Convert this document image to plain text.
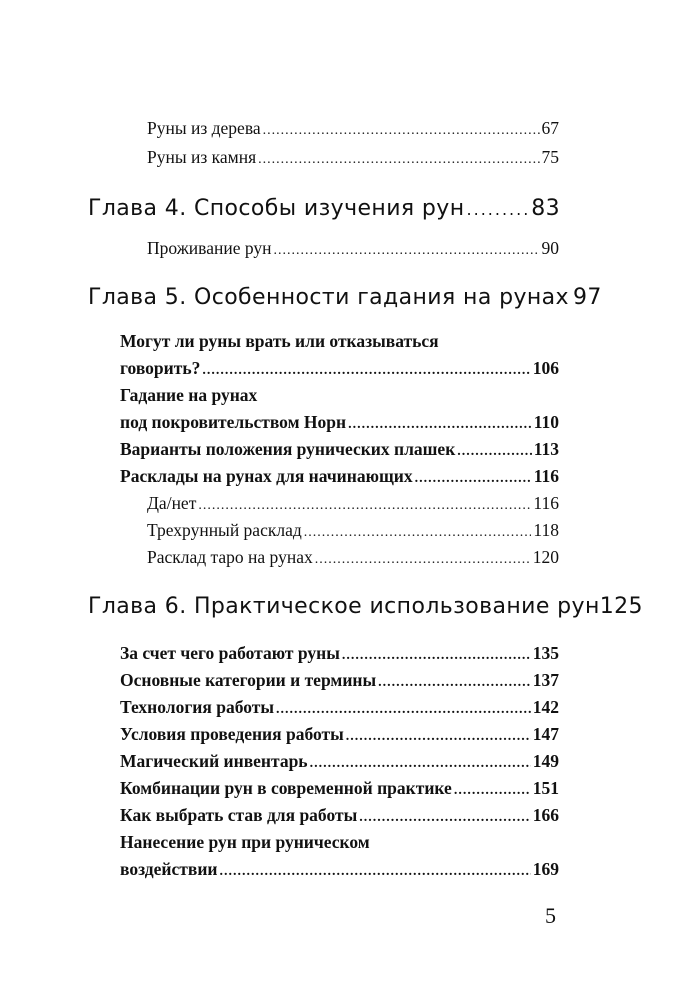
Руны из дерева .....	67
Руны из камня .....	75
Глава 4. Способы изучения рун .....	83
Проживание рун .....	90
Глава 5. Особенности гадания на рунах 97
Могут ли руны врать или отказываться
говорить? .....	106
Гадание на рунах
под покровительством Норн .....	110
Варианты положения рунических плашек .....	113
Расклады на рунах для начинающих .....	116
Да/нет .....	116
Трехрунный расклад .....	118
Расклад таро на рунах .....	120
Глава 6. Практическое использование рун 125
За счет чего работают руны .....	135
Основные категории и термины .....	137
Технология работы .....	142
Условия проведения работы .....	147
Магический инвентарь .....	149
Комбинации рун в современной практике .....	151
Как выбрать став для работы .....	166
Нанесение рун при руническом
воздействии .....	169
5
